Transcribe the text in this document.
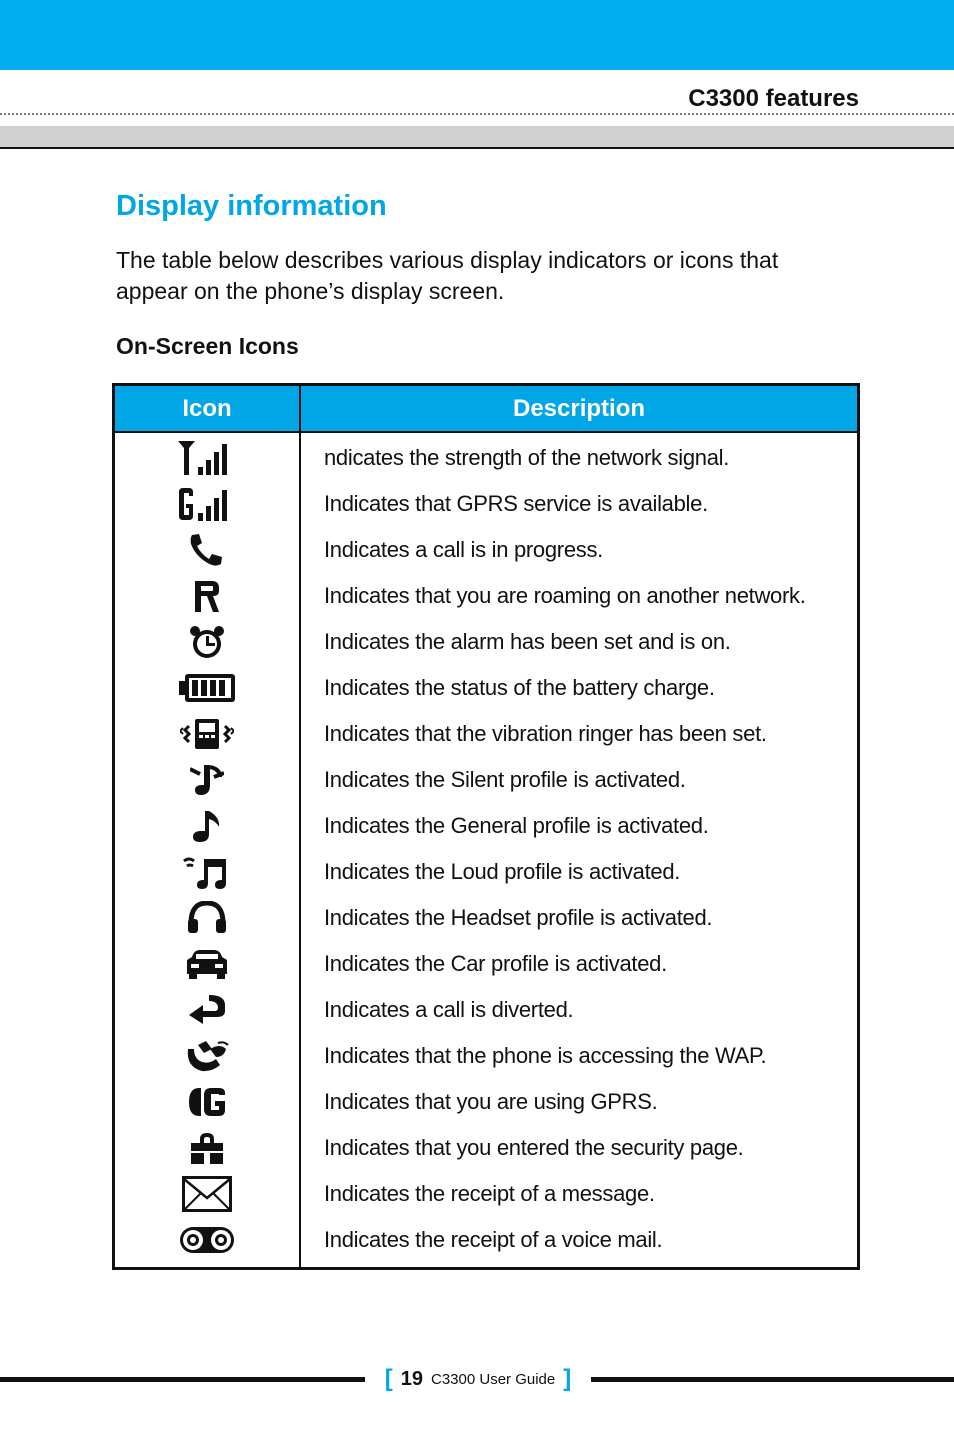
C3300 features
Display information
The table below describes various display indicators or icons that
appear on the phone’s display screen.
On-Screen Icons
Icon	Description
ndicates the strength of the network signal.
Indicates that GPRS service is available.
Indicates a call is in progress.
Indicates that you are roaming on another network.
Indicates the alarm has been set and is on.
Indicates the status of the battery charge.
Indicates that the vibration ringer has been set.
Indicates the Silent profile is activated.
Indicates the General profile is activated.
Indicates the Loud profile is activated.
Indicates the Headset profile is activated.
Indicates the Car profile is activated.
Indicates a call is diverted.
Indicates that the phone is accessing the WAP.
Indicates that you are using GPRS.
Indicates that you entered the security page.
Indicates the receipt of a message.
Indicates the receipt of a voice mail.
[ 19 C3300 User Guide ]
